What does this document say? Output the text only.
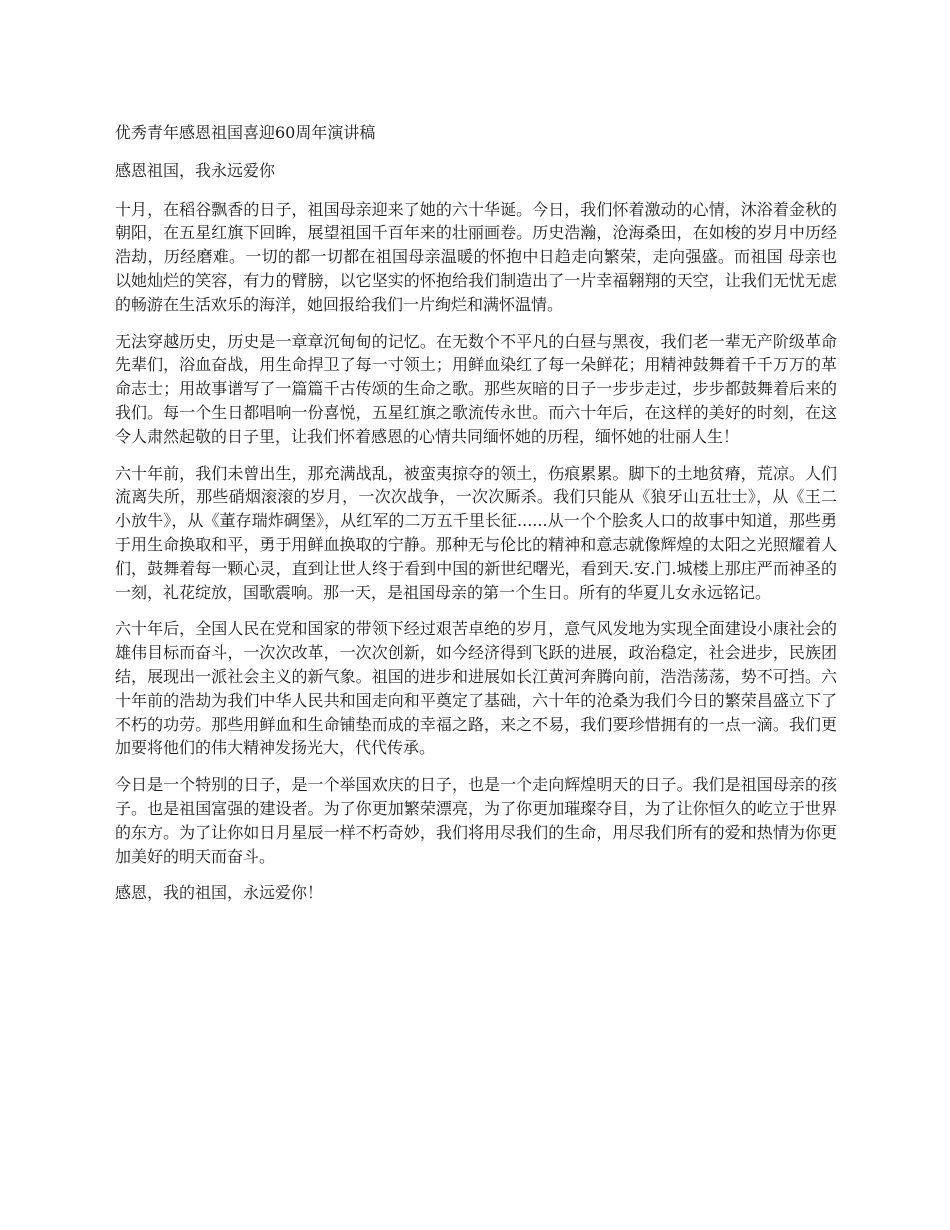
优秀青年感恩祖国喜迎60周年演讲稿

感恩祖国，我永远爱你

十月，在稻谷飘香的日子，祖国母亲迎来了她的六十华诞。今日，我们怀着激动的心情，沐浴着金秋的朝阳，在五星红旗下回眸，展望祖国千百年来的壮丽画卷。历史浩瀚，沧海桑田，在如梭的岁月中历经浩劫，历经磨难。一切的都一切都在祖国母亲温暖的怀抱中日趋走向繁荣，走向强盛。而祖国 母亲也以她灿烂的笑容，有力的臂膀，以它坚实的怀抱给我们制造出了一片幸福翱翔的天空，让我们无忧无虑的畅游在生活欢乐的海洋，她回报给我们一片绚烂和满怀温情。

无法穿越历史，历史是一章章沉甸甸的记忆。在无数个不平凡的白昼与黑夜，我们老一辈无产阶级革命先辈们，浴血奋战，用生命捍卫了每一寸领土；用鲜血染红了每一朵鲜花；用精神鼓舞着千千万万的革命志士；用故事谱写了一篇篇千古传颂的生命之歌。那些灰暗的日子一步步走过，步步都鼓舞着后来的我们。每一个生日都唱响一份喜悦，五星红旗之歌流传永世。而六十年后，在这样的美好的时刻，在这令人肃然起敬的日子里，让我们怀着感恩的心情共同缅怀她的历程，缅怀她的壮丽人生！

六十年前，我们未曾出生，那充满战乱，被蛮夷掠夺的领土，伤痕累累。脚下的土地贫瘠，荒凉。人们流离失所，那些硝烟滚滚的岁月，一次次战争，一次次厮杀。我们只能从《狼牙山五壮士》，从《王二小放牛》，从《董存瑞炸碉堡》，从红军的二万五千里长征......从一个个脍炙人口的故事中知道，那些勇于用生命换取和平，勇于用鲜血换取的宁静。那种无与伦比的精神和意志就像辉煌的太阳之光照耀着人们，鼓舞着每一颗心灵，直到让世人终于看到中国的新世纪曙光，看到天.安.门.城楼上那庄严而神圣的一刻，礼花绽放，国歌震响。那一天，是祖国母亲的第一个生日。所有的华夏儿女永远铭记。

六十年后，全国人民在党和国家的带领下经过艰苦卓绝的岁月，意气风发地为实现全面建设小康社会的雄伟目标而奋斗，一次次改革，一次次创新，如今经济得到飞跃的进展，政治稳定，社会进步，民族团结，展现出一派社会主义的新气象。祖国的进步和进展如长江黄河奔腾向前，浩浩荡荡，势不可挡。六十年前的浩劫为我们中华人民共和国走向和平奠定了基础，六十年的沧桑为我们今日的繁荣昌盛立下了不朽的功劳。那些用鲜血和生命铺垫而成的幸福之路，来之不易，我们要珍惜拥有的一点一滴。我们更加要将他们的伟大精神发扬光大，代代传承。

今日是一个特别的日子，是一个举国欢庆的日子，也是一个走向辉煌明天的日子。我们是祖国母亲的孩子。也是祖国富强的建设者。为了你更加繁荣漂亮，为了你更加璀璨夺目，为了让你恒久的屹立于世界的东方。为了让你如日月星辰一样不朽奇妙，我们将用尽我们的生命，用尽我们所有的爱和热情为你更加美好的明天而奋斗。

感恩，我的祖国，永远爱你！
